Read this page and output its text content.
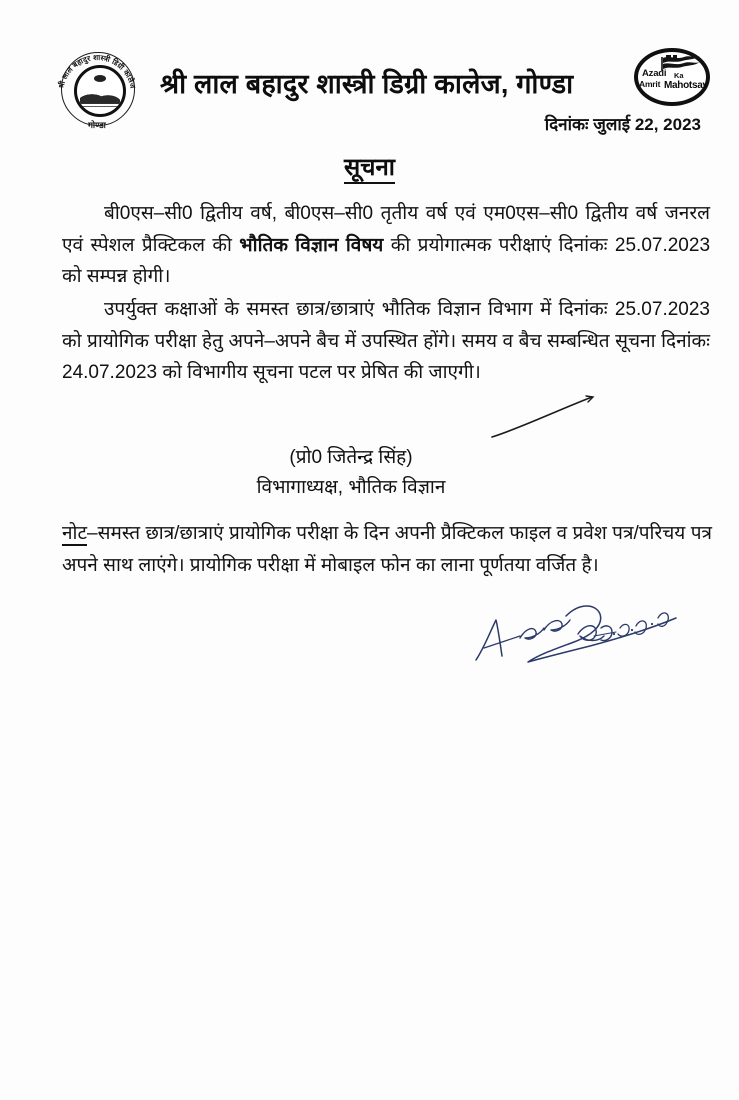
श्री लाल बहादुर शास्त्री डिग्री कालेज
गोण्डा
श्री लाल बहादुर शास्त्री डिग्री कालेज, गोण्डा	Azadi	Ka
Amrit Mahotsav
दिनांकः जुलाई 22, 2023
सूचना
बी0एस–सी0 द्वितीय वर्ष, बी0एस–सी0 तृतीय वर्ष एवं एम0एस–सी0 द्वितीय वर्ष जनरल एवं स्पेशल प्रैक्टिकल की भौतिक विज्ञान विषय की प्रयोगात्मक परीक्षाएं दिनांकः 25.07.2023 को सम्पन्न होगी।
उपर्युक्त कक्षाओं के समस्त छात्र/छात्राएं भौतिक विज्ञान विभाग में दिनांकः 25.07.2023 को प्रायोगिक परीक्षा हेतु अपने–अपने बैच में उपस्थित होंगे। समय व बैच सम्बन्धित सूचना दिनांकः 24.07.2023 को विभागीय सूचना पटल पर प्रेषित की जाएगी।
(प्रो0 जितेन्द्र सिंह)
विभागाध्यक्ष, भौतिक विज्ञान
नोट–समस्त छात्र/छात्राएं प्रायोगिक परीक्षा के दिन अपनी प्रैक्टिकल फाइल व प्रवेश पत्र/परिचय पत्र अपने साथ लाएंगे। प्रायोगिक परीक्षा में मोबाइल फोन का लाना पूर्णतया वर्जित है।
